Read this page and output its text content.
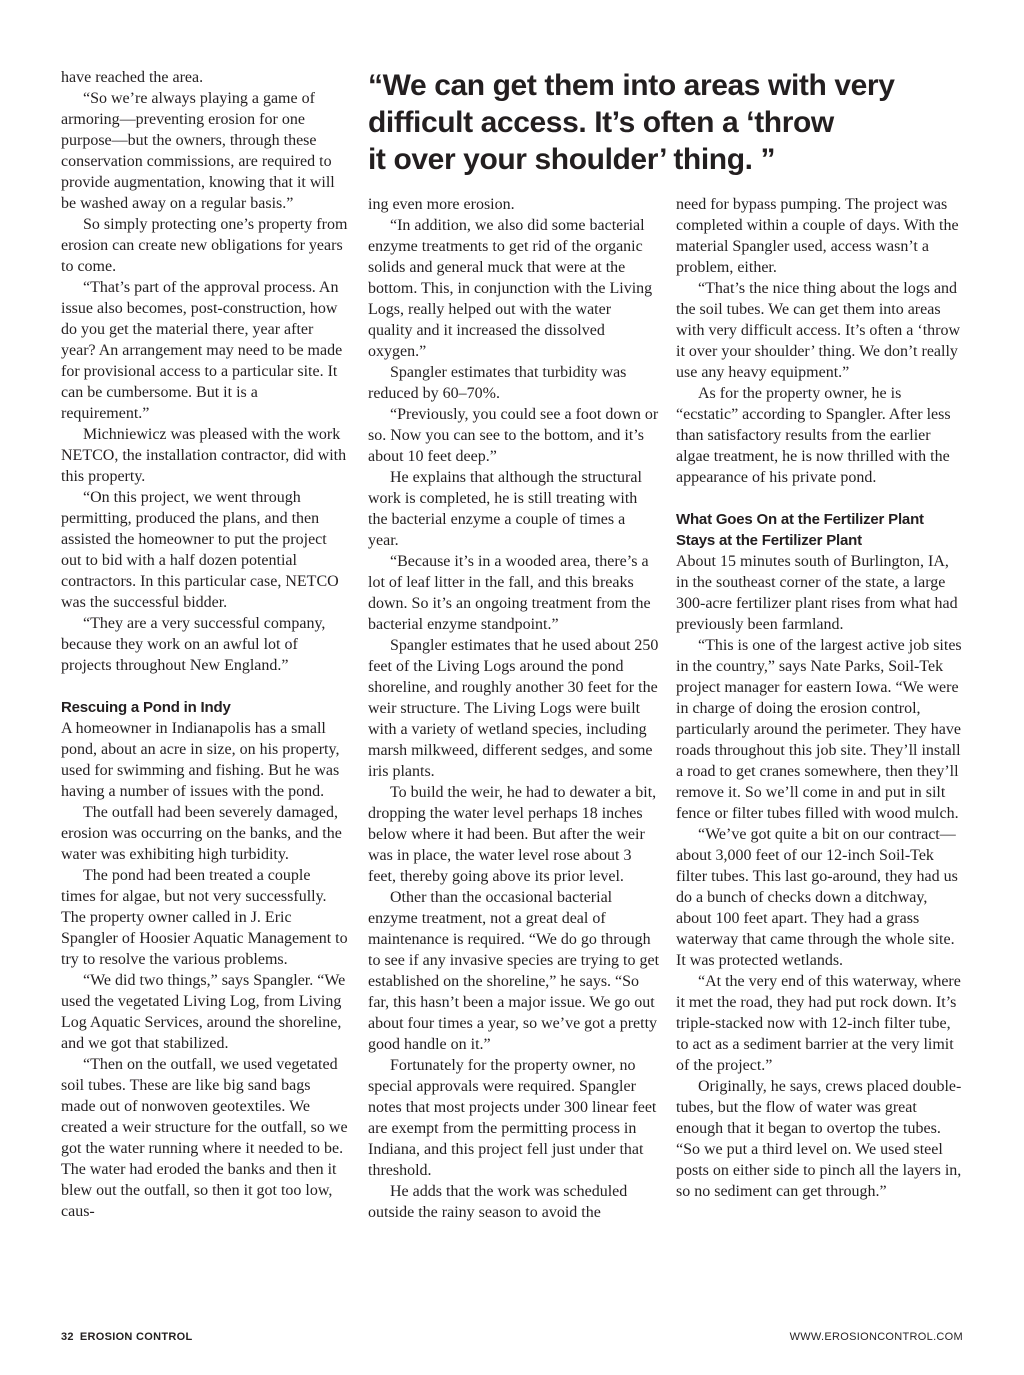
“We can get them into areas with very
difficult access. It’s often a ‘throw
it over your shoulder’ thing. ”

have reached the area.

“So we’re always playing a game of armoring—preventing erosion for one purpose—but the owners, through these conservation commissions, are required to provide augmentation, knowing that it will be washed away on a regular basis.”

So simply protecting one’s property from erosion can create new obligations for years to come.

“That’s part of the approval process. An issue also becomes, post-construction, how do you get the material there, year after year? An arrangement may need to be made for provisional access to a particular site. It can be cumbersome. But it is a requirement.”

Michniewicz was pleased with the work NETCO, the installation contractor, did with this property.

“On this project, we went through permitting, produced the plans, and then assisted the homeowner to put the project out to bid with a half dozen potential contractors. In this particular case, NETCO was the successful bidder.

“They are a very successful company, because they work on an awful lot of projects throughout New England.”

Rescuing a Pond in Indy

A homeowner in Indianapolis has a small pond, about an acre in size, on his property, used for swimming and fishing. But he was having a number of issues with the pond.

The outfall had been severely damaged, erosion was occurring on the banks, and the water was exhibiting high turbidity.

The pond had been treated a couple times for algae, but not very successfully. The property owner called in J. Eric Spangler of Hoosier Aquatic Management to try to resolve the various problems.

“We did two things,” says Spangler. “We used the vegetated Living Log, from Living Log Aquatic Services, around the shoreline, and we got that stabilized.

“Then on the outfall, we used vegetated soil tubes. These are like big sand bags made out of nonwoven geotextiles. We created a weir structure for the outfall, so we got the water running where it needed to be. The water had eroded the banks and then it blew out the outfall, so then it got too low, caus-

ing even more erosion.

“In addition, we also did some bacterial enzyme treatments to get rid of the organic solids and general muck that were at the bottom. This, in conjunction with the Living Logs, really helped out with the water quality and it increased the dissolved oxygen.”

Spangler estimates that turbidity was reduced by 60–70%.

“Previously, you could see a foot down or so. Now you can see to the bottom, and it’s about 10 feet deep.”

He explains that although the structural work is completed, he is still treating with the bacterial enzyme a couple of times a year.

“Because it’s in a wooded area, there’s a lot of leaf litter in the fall, and this breaks down. So it’s an ongoing treatment from the bacterial enzyme standpoint.”

Spangler estimates that he used about 250 feet of the Living Logs around the pond shoreline, and roughly another 30 feet for the weir structure. The Living Logs were built with a variety of wetland species, including marsh milkweed, different sedges, and some iris plants.

To build the weir, he had to dewater a bit, dropping the water level perhaps 18 inches below where it had been. But after the weir was in place, the water level rose about 3 feet, thereby going above its prior level.

Other than the occasional bacterial enzyme treatment, not a great deal of maintenance is required. “We do go through to see if any invasive species are trying to get established on the shoreline,” he says. “So far, this hasn’t been a major issue. We go out about four times a year, so we’ve got a pretty good handle on it.”

Fortunately for the property owner, no special approvals were required. Spangler notes that most projects under 300 linear feet are exempt from the permitting process in Indiana, and this project fell just under that threshold.

He adds that the work was scheduled outside the rainy season to avoid the

need for bypass pumping. The project was completed within a couple of days. With the material Spangler used, access wasn’t a problem, either.

“That’s the nice thing about the logs and the soil tubes. We can get them into areas with very difficult access. It’s often a ‘throw it over your shoulder’ thing. We don’t really use any heavy equipment.”

As for the property owner, he is “ecstatic” according to Spangler. After less than satisfactory results from the earlier algae treatment, he is now thrilled with the appearance of his private pond.

What Goes On at the Fertilizer Plant Stays at the Fertilizer Plant

About 15 minutes south of Burlington, IA, in the southeast corner of the state, a large 300-acre fertilizer plant rises from what had previously been farmland.

“This is one of the largest active job sites in the country,” says Nate Parks, Soil-Tek project manager for eastern Iowa. “We were in charge of doing the erosion control, particularly around the perimeter. They have roads throughout this job site. They’ll install a road to get cranes somewhere, then they’ll remove it. So we’ll come in and put in silt fence or filter tubes filled with wood mulch.

“We’ve got quite a bit on our contract—about 3,000 feet of our 12-inch Soil-Tek filter tubes. This last go-around, they had us do a bunch of checks down a ditchway, about 100 feet apart. They had a grass waterway that came through the whole site. It was protected wetlands.

“At the very end of this waterway, where it met the road, they had put rock down. It’s triple-stacked now with 12-inch filter tube, to act as a sediment barrier at the very limit of the project.”

Originally, he says, crews placed double-tubes, but the flow of water was great enough that it began to overtop the tubes. “So we put a third level on. We used steel posts on either side to pinch all the layers in, so no sediment can get through.”

32 EROSION CONTROL	WWW.EROSIONCONTROL.COM
